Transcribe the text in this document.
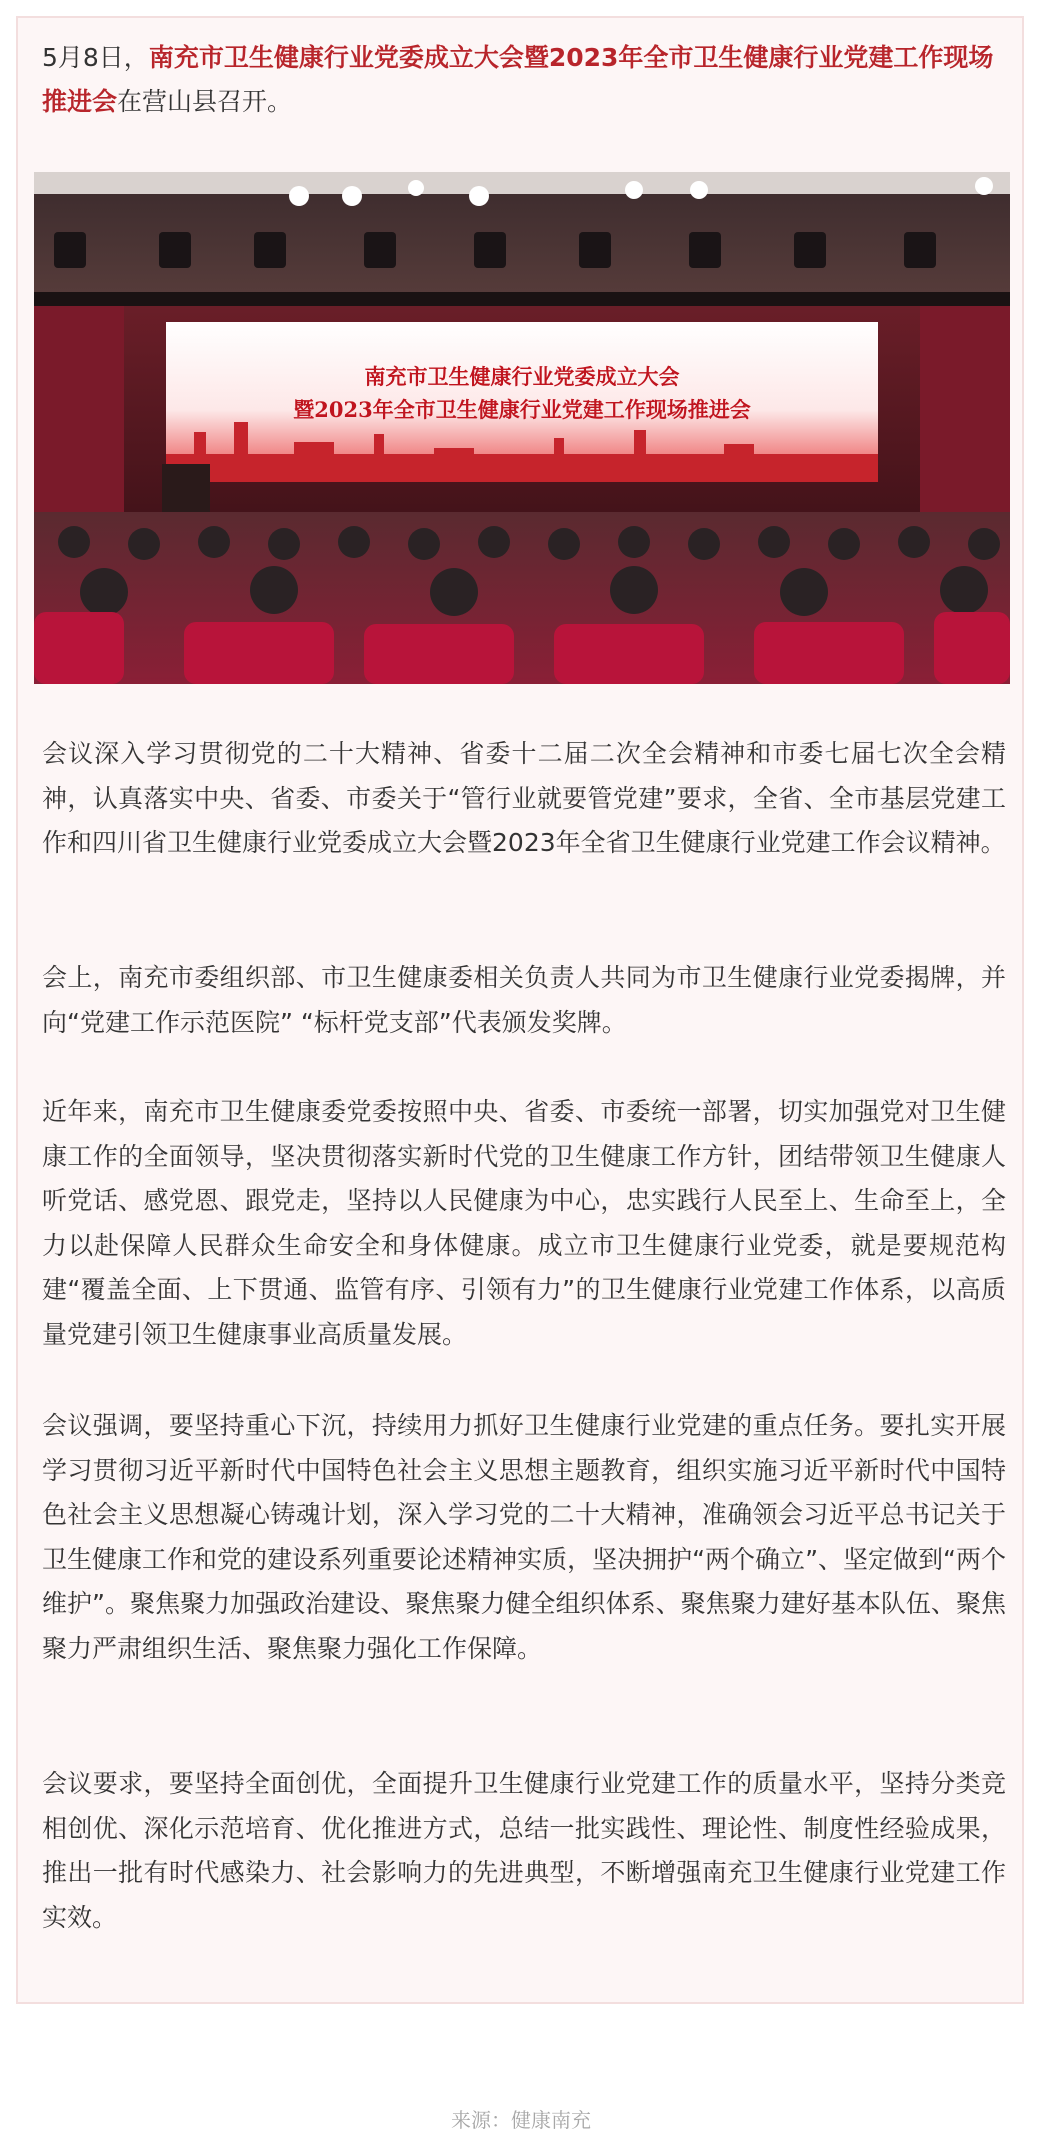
5月8日，南充市卫生健康行业党委成立大会暨2023年全市卫生健康行业党建工作现场推进会在营山县召开。

南充市卫生健康行业党委成立大会
暨2023年全市卫生健康行业党建工作现场推进会

会议深入学习贯彻党的二十大精神、省委十二届二次全会精神和市委七届七次全会精神，认真落实中央、省委、市委关于“管行业就要管党建”要求，全省、全市基层党建工作和四川省卫生健康行业党委成立大会暨2023年全省卫生健康行业党建工作会议精神。

会上，南充市委组织部、市卫生健康委相关负责人共同为市卫生健康行业党委揭牌，并向“党建工作示范医院” “标杆党支部”代表颁发奖牌。

近年来，南充市卫生健康委党委按照中央、省委、市委统一部署，切实加强党对卫生健康工作的全面领导，坚决贯彻落实新时代党的卫生健康工作方针，团结带领卫生健康人听党话、感党恩、跟党走，坚持以人民健康为中心，忠实践行人民至上、生命至上，全力以赴保障人民群众生命安全和身体健康。成立市卫生健康行业党委，就是要规范构建“覆盖全面、上下贯通、监管有序、引领有力”的卫生健康行业党建工作体系，以高质量党建引领卫生健康事业高质量发展。

会议强调，要坚持重心下沉，持续用力抓好卫生健康行业党建的重点任务。要扎实开展学习贯彻习近平新时代中国特色社会主义思想主题教育，组织实施习近平新时代中国特色社会主义思想凝心铸魂计划，深入学习党的二十大精神，准确领会习近平总书记关于卫生健康工作和党的建设系列重要论述精神实质，坚决拥护“两个确立”、坚定做到“两个维护”。聚焦聚力加强政治建设、聚焦聚力健全组织体系、聚焦聚力建好基本队伍、聚焦聚力严肃组织生活、聚焦聚力强化工作保障。

会议要求，要坚持全面创优，全面提升卫生健康行业党建工作的质量水平，坚持分类竞相创优、深化示范培育、优化推进方式，总结一批实践性、理论性、制度性经验成果，推出一批有时代感染力、社会影响力的先进典型，不断增强南充卫生健康行业党建工作实效。

来源：健康南充
